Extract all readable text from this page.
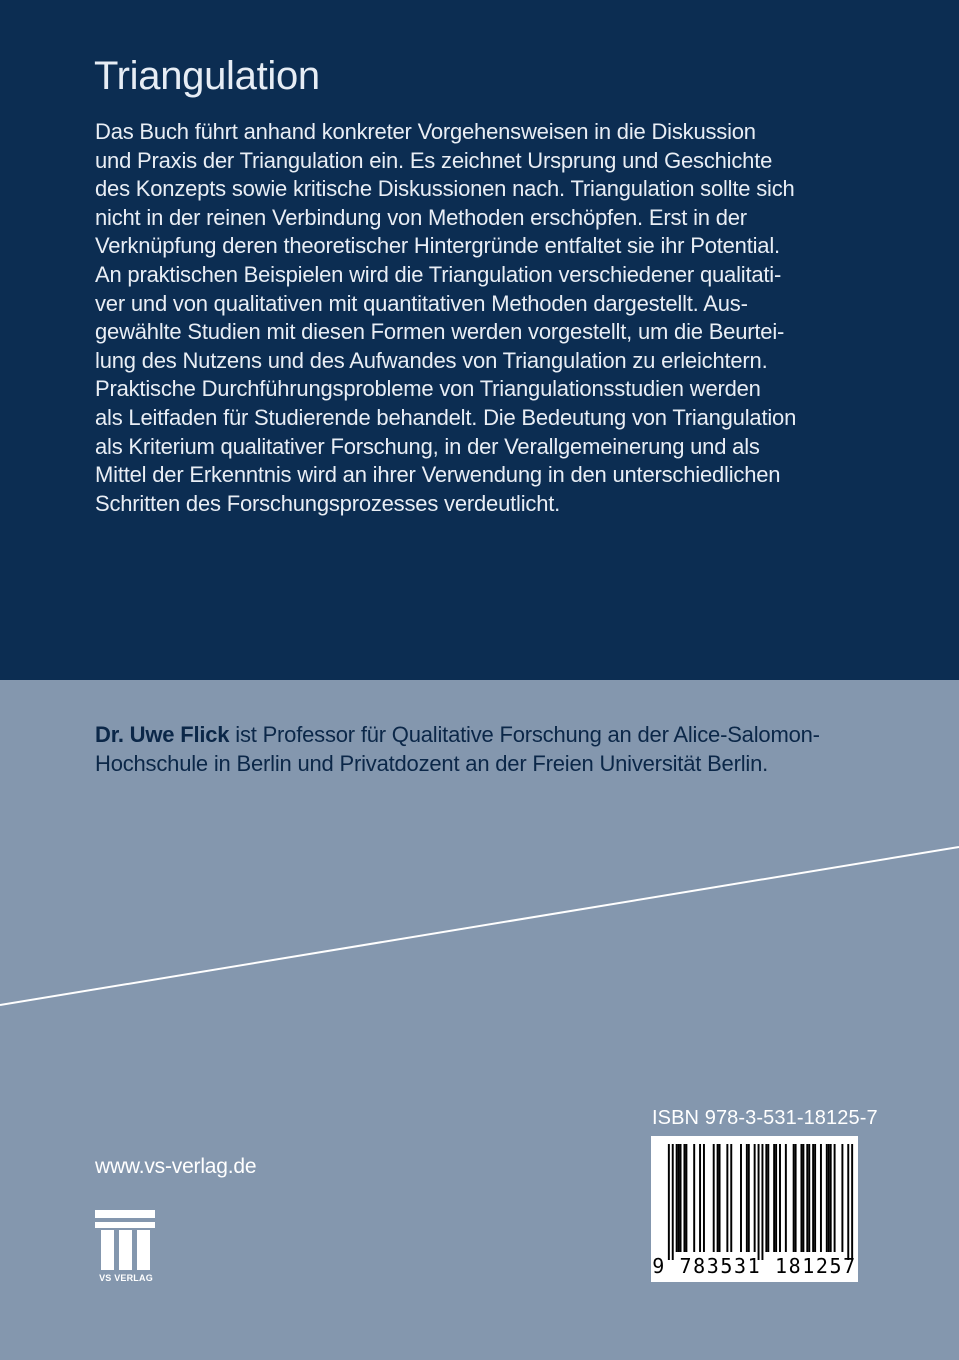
Triangulation
Das Buch führt anhand konkreter Vorgehensweisen in die Diskussion
und Praxis der Triangulation ein. Es zeichnet Ursprung und Geschichte
des Konzepts sowie kritische Diskussionen nach. Triangulation sollte sich
nicht in der reinen Verbindung von Methoden erschöpfen. Erst in der
Verknüpfung deren theoretischer Hintergründe entfaltet sie ihr Potential.
An praktischen Beispielen wird die Triangulation verschiedener qualitati-
ver und von qualitativen mit quantitativen Methoden dargestellt. Aus-
gewählte Studien mit diesen Formen werden vorgestellt, um die Beurtei-
lung des Nutzens und des Aufwandes von Triangulation zu erleichtern.
Praktische Durchführungsprobleme von Triangulationsstudien werden
als Leitfaden für Studierende behandelt. Die Bedeutung von Triangulation
als Kriterium qualitativer Forschung, in der Verallgemeinerung und als
Mittel der Erkenntnis wird an ihrer Verwendung in den unterschiedlichen
Schritten des Forschungsprozesses verdeutlicht.
Dr. Uwe Flick ist Professor für Qualitative Forschung an der Alice-Salomon-
Hochschule in Berlin und Privatdozent an der Freien Universität Berlin.
www.vs-verlag.de
VS VERLAG
ISBN 978-3-531-18125-7
9 783531 181257
